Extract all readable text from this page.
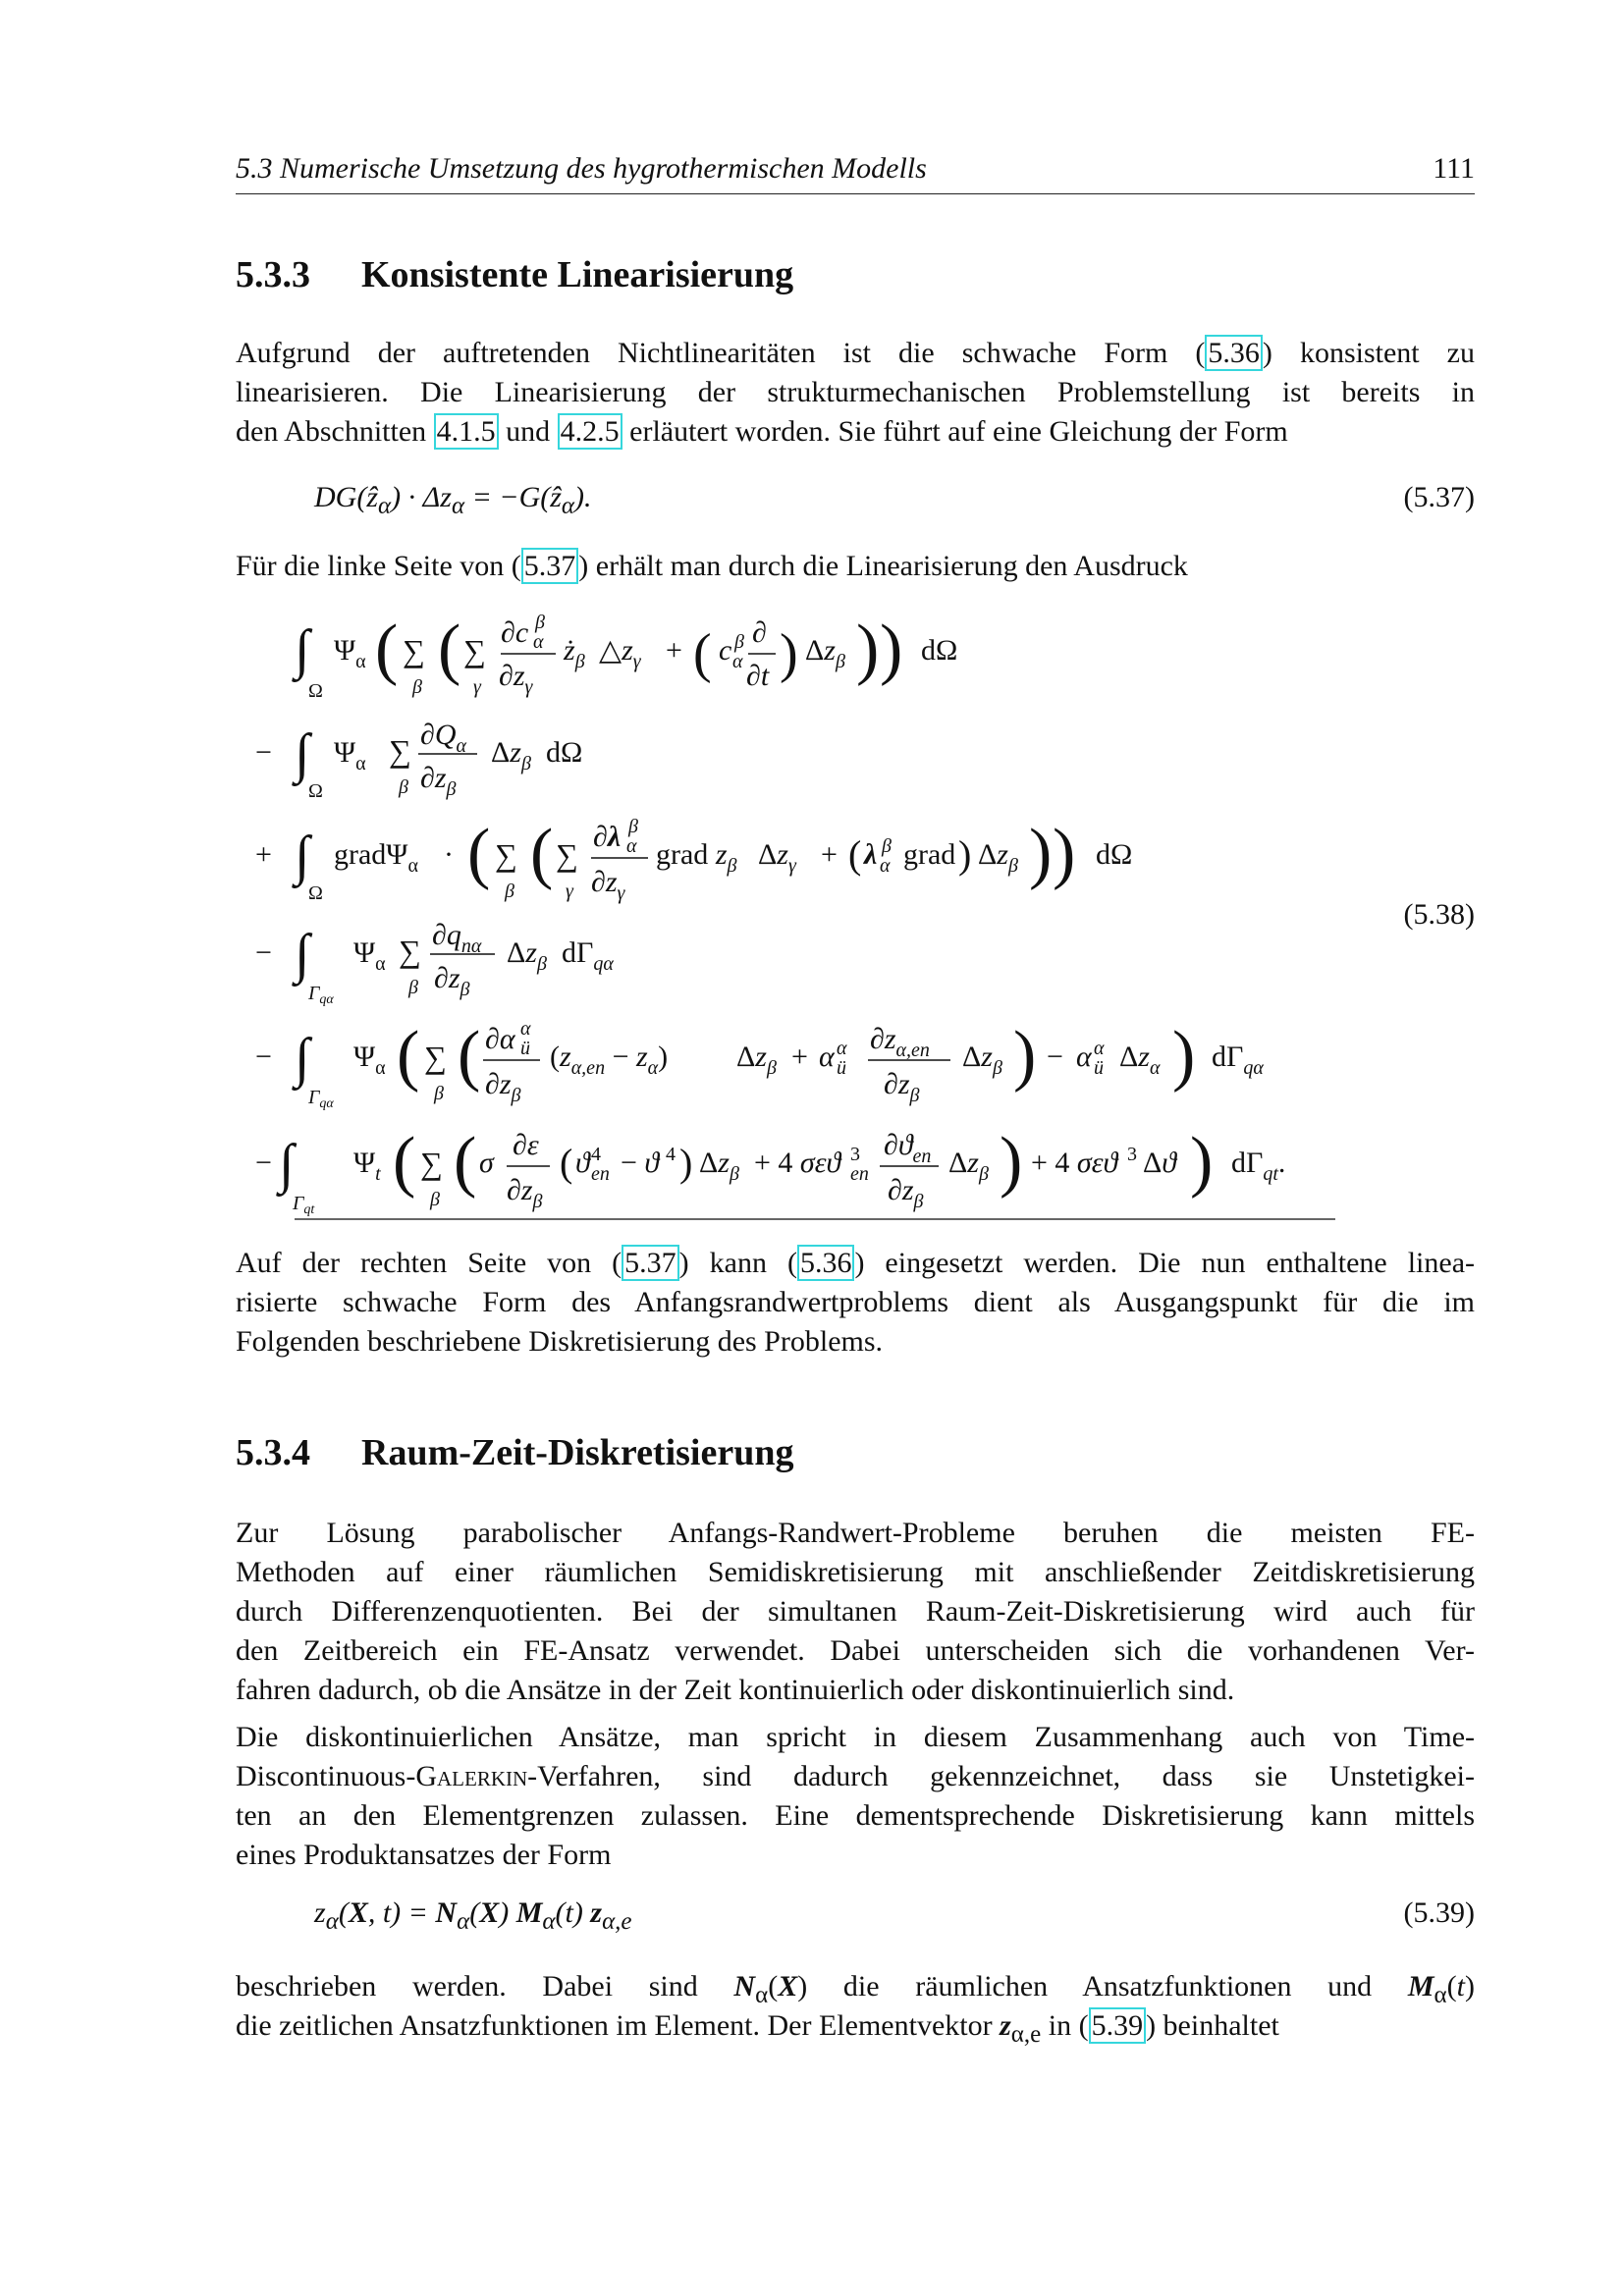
5.3 Numerische Umsetzung des hygrothermischen Modells	111
5.3.3 Konsistente Linearisierung
Aufgrund der auftretenden Nichtlinearitäten ist die schwache Form ( 5.36 ) konsistent zu
linearisieren. Die Linearisierung der strukturmechanischen Problemstellung ist bereits in
den Abschnitten 4.1.5 und 4.2.5 erläutert worden. Sie führt auf eine Gleichung der Form
DG(ẑ$_\alpha$) · $\Delta z_\alpha$ = −G(ẑ$_\alpha$).	(5.37)
Für die linke Seite von ( 5.37 ) erhält man durch die Linearisierung den Ausdruck
∫
Ω
$\Psi_\alpha$ ( ∑
β ( ∑
γ
∂c α
β
$\partial z_\gamma$
$ż_\beta$ $\triangle z_\gamma$ + ( c α
β ∂
∂t ) $\Delta z_\beta$ ) ) dΩ
− ∫
Ω
$\Psi_\alpha$ ∑
β
$\partial Q_\alpha$
$\partial z_\beta$
$\Delta z_\beta$ dΩ
+ ∫
Ω
gradΨ$_\alpha$ · ( ∑
β ( ∑
γ
∂λ α
β
$\partial z_\gamma$
grad $z_\beta$ $\Delta z_\gamma$ + ( λ α
β grad ) $\Delta z_\beta$ ) ) dΩ
− ∫
$\Gamma_{q\alpha}$
$\Psi_\alpha$ ∑
β
$\partial q_{n\alpha}$
$\partial z_\beta$
$\Delta z_\beta$ $d\Gamma_{q\alpha}$
− ∫
$\Gamma_{q\alpha}$
$\Psi_\alpha$ ( ∑
β ( ∂α ü
α
$\partial z_\beta$
$(z_{\alpha,en} - z_\alpha) \Delta z_\beta + \alpha$ ü
α $\partial z_{\alpha,en}$
$\partial z_\beta$
$\Delta z_\beta$ ) − α ü
α $\Delta z_\alpha$ ) $d\Gamma_{q\alpha}$
− ∫
$\Gamma_{qt}$
$\Psi_t$ ( ∑
β ( σ
∂ε
$\partial z_\beta$
( ϑ en
4 − ϑ 4 ) $\Delta z_\beta + 4$ σεϑ en
3 $\partial ϑ_{en}$
$\partial z_\beta$
$\Delta z_\beta$ ) + 4 σεϑ 3 Δϑ ) $d\Gamma_{qt}$.
(5.38)
Auf der rechten Seite von ( 5.37 ) kann ( 5.36 ) eingesetzt werden. Die nun enthaltene linea-
risierte schwache Form des Anfangsrandwertproblems dient als Ausgangspunkt für die im
Folgenden beschriebene Diskretisierung des Problems.
5.3.4 Raum-Zeit-Diskretisierung
Zur Lösung parabolischer Anfangs-Randwert-Probleme beruhen die meisten FE-
Methoden auf einer räumlichen Semidiskretisierung mit anschließender Zeitdiskretisierung
durch Differenzenquotienten. Bei der simultanen Raum-Zeit-Diskretisierung wird auch für
den Zeitbereich ein FE-Ansatz verwendet. Dabei unterscheiden sich die vorhandenen Ver-
fahren dadurch, ob die Ansätze in der Zeit kontinuierlich oder diskontinuierlich sind.
Die diskontinuierlichen Ansätze, man spricht in diesem Zusammenhang auch von Time-
Discontinuous-Galerkin-Verfahren, sind dadurch gekennzeichnet, dass sie Unstetigkei-
ten an den Elementgrenzen zulassen. Eine dementsprechende Diskretisierung kann mittels
eines Produktansatzes der Form
$z_\alpha(X$, $t) = N_\alpha(X)$ $M_\alpha(t)$ $z_{\alpha,e}$	(5.39)
beschrieben werden. Dabei sind $N_\alpha(X)$ die räumlichen Ansatzfunktionen und $M_\alpha(t)$
die zeitlichen Ansatzfunktionen im Element. Der Elementvektor $z_{\alpha,e}$ in ( 5.39 ) beinhaltet
